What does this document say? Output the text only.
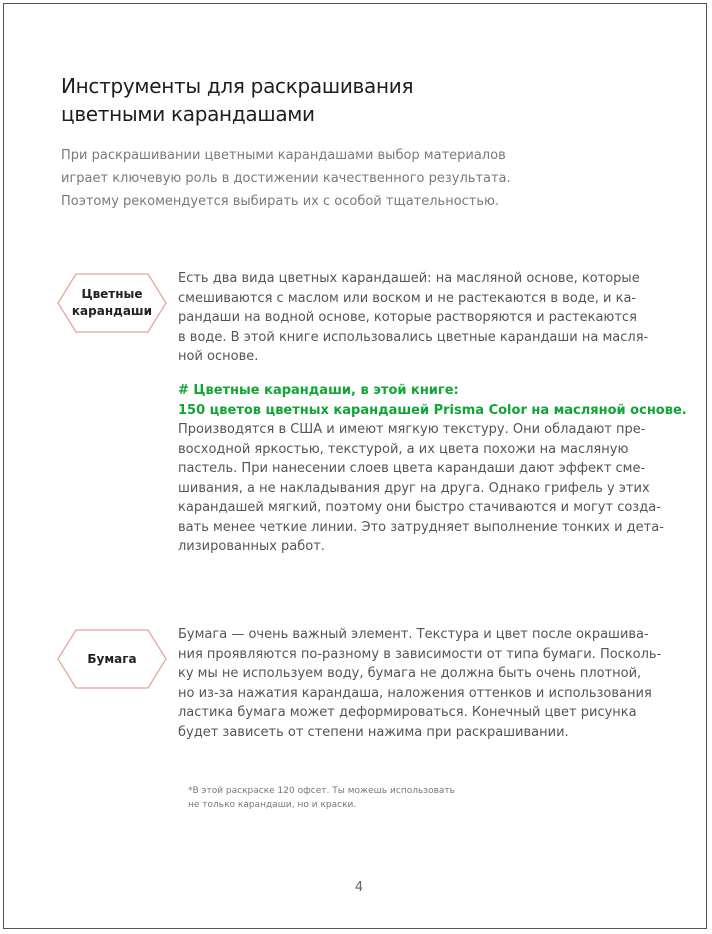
Инструменты для раскрашивания
цветными карандашами

При раскрашивании цветными карандашами выбор материалов
играет ключевую роль в достижении качественного результата.
Поэтому рекомендуется выбирать их с особой тщательностью.

Цветные
карандаши

Есть два вида цветных карандашей: на масляной основе, которые
смешиваются с маслом или воском и не растекаются в воде, и ка-
рандаши на водной основе, которые растворяются и растекаются
в воде. В этой книге использовались цветные карандаши на масля-
ной основе.

# Цветные карандаши, в этой книге:
150 цветов цветных карандашей Prisma Color на масляной основе.
Производятся в США и имеют мягкую текстуру. Они обладают пре-
восходной яркостью, текстурой, а их цвета похожи на масляную
пастель. При нанесении слоев цвета карандаши дают эффект сме-
шивания, а не накладывания друг на друга. Однако грифель у этих
карандашей мягкий, поэтому они быстро стачиваются и могут созда-
вать менее четкие линии. Это затрудняет выполнение тонких и дета-
лизированных работ.

Бумага

Бумага — очень важный элемент. Текстура и цвет после окрашива-
ния проявляются по-разному в зависимости от типа бумаги. Посколь-
ку мы не используем воду, бумага не должна быть очень плотной,
но из-за нажатия карандаша, наложения оттенков и использования
ластика бумага может деформироваться. Конечный цвет рисунка
будет зависеть от степени нажима при раскрашивании.

*В этой раскраске 120 офсет. Ты можешь использовать
не только карандаши, но и краски.

4
